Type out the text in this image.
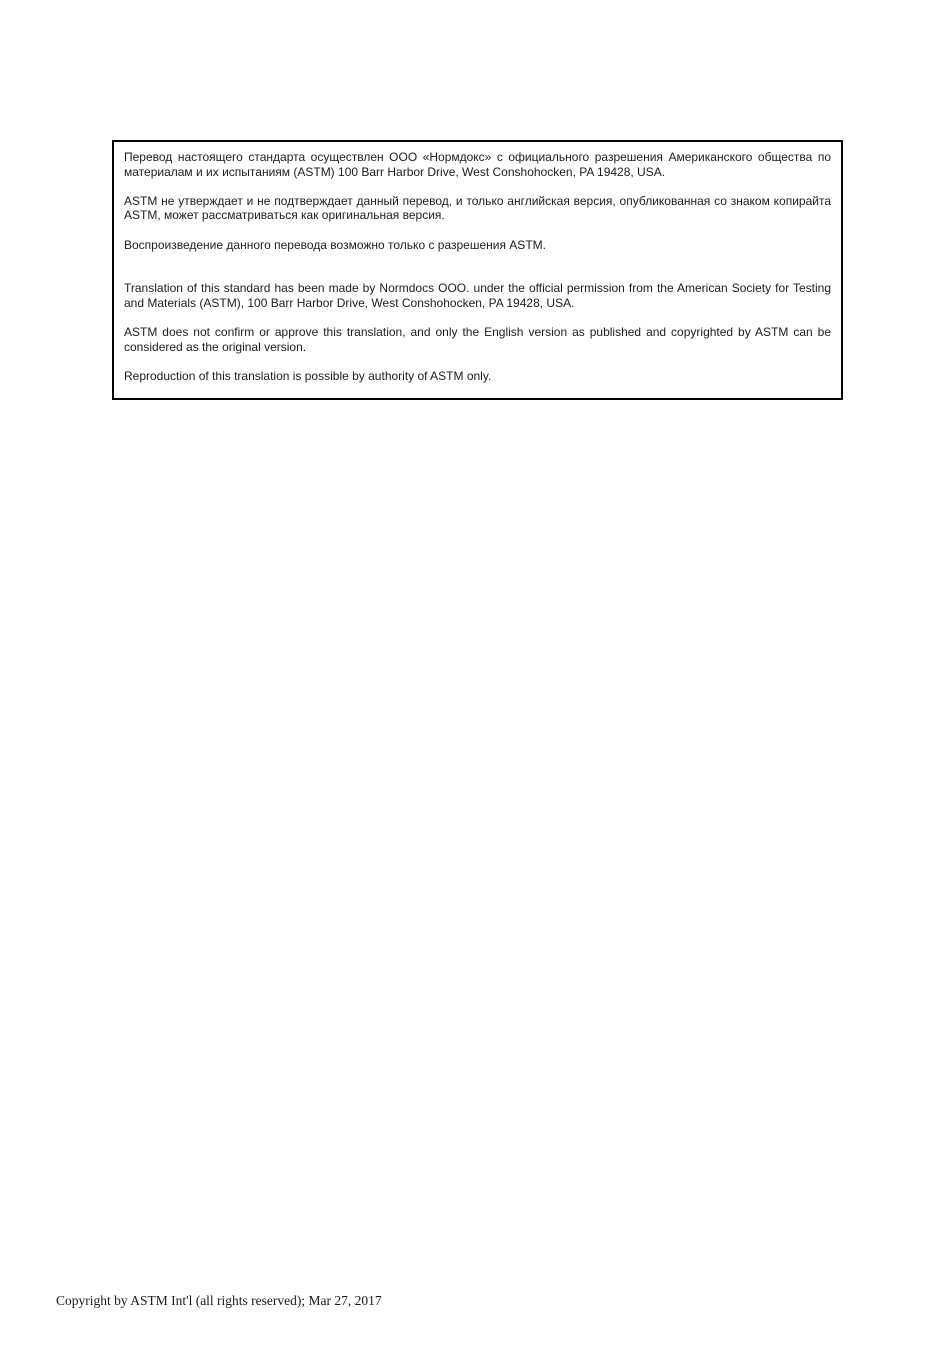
Перевод настоящего стандарта осуществлен ООО «Нормдокс» с официального разрешения Американского общества по материалам и их испытаниям (ASTM) 100 Barr Harbor Drive, West Conshohocken, PA 19428, USA.

ASTM не утверждает и не подтверждает данный перевод, и только английская версия, опубликованная со знаком копирайта ASTM, может рассматриваться как оригинальная версия.

Воспроизведение данного перевода возможно только с разрешения ASTM.

Translation of this standard has been made by Normdocs OOO. under the official permission from the American Society for Testing and Materials (ASTM), 100 Barr Harbor Drive, West Conshohocken, PA 19428, USA.

ASTM does not confirm or approve this translation, and only the English version as published and copyrighted by ASTM can be considered as the original version.

Reproduction of this translation is possible by authority of ASTM only.

Copyright by ASTM Int'l (all rights reserved); Mar 27, 2017
